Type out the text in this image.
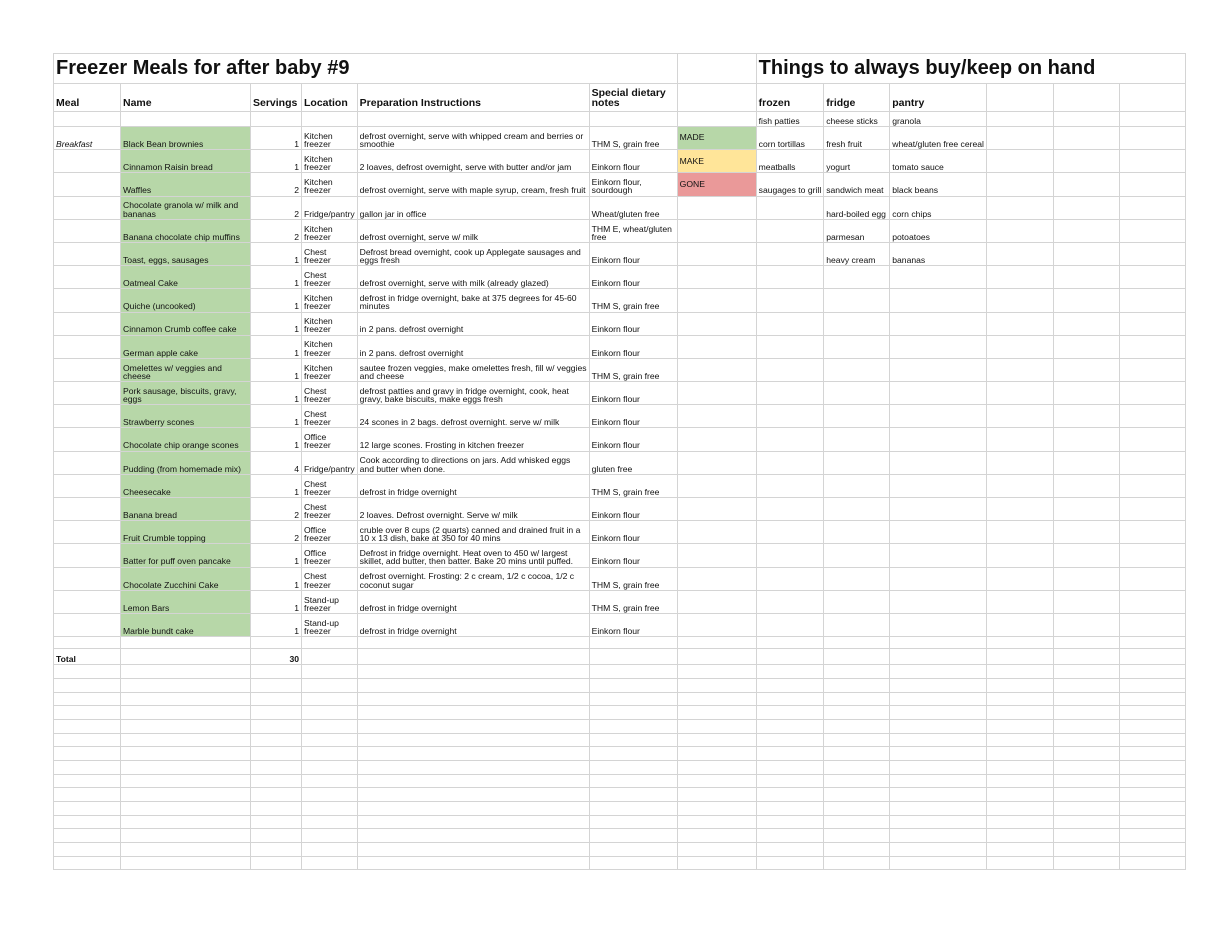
Freezer Meals for after baby #9							Things to always buy/keep on hand					
Meal	Name	Servings	Location	Preparation Instructions	Special dietary notes		frozen	fridge	pantry			
							fish patties	cheese sticks	granola			
Breakfast	Black Bean brownies	1	Kitchen freezer	defrost overnight, serve with whipped cream and berries or smoothie	THM S, grain free	MADE	corn tortillas	fresh fruit	wheat/gluten free cereal			
	Cinnamon Raisin bread	1	Kitchen freezer	2 loaves, defrost overnight, serve with butter and/or jam	Einkorn flour	MAKE	meatballs	yogurt	tomato sauce			
	Waffles	2	Kitchen freezer	defrost overnight, serve with maple syrup, cream, fresh fruit	Einkorn flour, sourdough	GONE	saugages to grill	sandwich meat	black beans			
	Chocolate granola w/ milk and bananas	2	Fridge/pantry	gallon jar in office	Wheat/gluten free			hard-boiled egg	corn chips			
	Banana chocolate chip muffins	2	Kitchen freezer	defrost overnight, serve w/ milk	THM E, wheat/gluten free			parmesan	potoatoes			
	Toast, eggs, sausages	1	Chest freezer	Defrost bread overnight, cook up Applegate sausages and eggs fresh	Einkorn flour			heavy cream	bananas			
	Oatmeal Cake	1	Chest freezer	defrost overnight, serve with milk (already glazed)	Einkorn flour							
	Quiche (uncooked)	1	Kitchen freezer	defrost in fridge overnight, bake at 375 degrees for 45-60 minutes	THM S, grain free							
	Cinnamon Crumb coffee cake	1	Kitchen freezer	in 2 pans. defrost overnight	Einkorn flour							
	German apple cake	1	Kitchen freezer	in 2 pans. defrost overnight	Einkorn flour							
	Omelettes w/ veggies and cheese	1	Kitchen freezer	sautee frozen veggies, make omelettes fresh, fill w/ veggies and cheese	THM S, grain free							
	Pork sausage, biscuits, gravy, eggs	1	Chest freezer	defrost patties and gravy in fridge overnight, cook, heat gravy, bake biscuits, make eggs fresh	Einkorn flour							
	Strawberry scones	1	Chest freezer	24 scones in 2 bags. defrost overnight. serve w/ milk	Einkorn flour							
	Chocolate chip orange scones	1	Office freezer	12 large scones. Frosting in kitchen freezer	Einkorn flour							
	Pudding (from homemade mix)	4	Fridge/pantry	Cook according to directions on jars. Add whisked eggs and butter when done.	gluten free							
	Cheesecake	1	Chest freezer	defrost in fridge overnight	THM S, grain free							
	Banana bread	2	Chest freezer	2 loaves. Defrost overnight. Serve w/ milk	Einkorn flour							
	Fruit Crumble topping	2	Office freezer	cruble over 8 cups (2 quarts) canned and drained fruit in a 10 x 13 dish, bake at 350 for 40 mins	Einkorn flour							
	Batter for puff oven pancake	1	Office freezer	Defrost in fridge overnight. Heat oven to 450 w/ largest skillet, add butter, then batter. Bake 20 mins until puffed.	Einkorn flour							
	Chocolate Zucchini Cake	1	Chest freezer	defrost overnight. Frosting: 2 c cream, 1/2 c cocoa, 1/2 c coconut sugar	THM S, grain free							
	Lemon Bars	1	Stand-up freezer	defrost in fridge overnight	THM S, grain free							
	Marble bundt cake	1	Stand-up freezer	defrost in fridge overnight	Einkorn flour							

Total		30										
